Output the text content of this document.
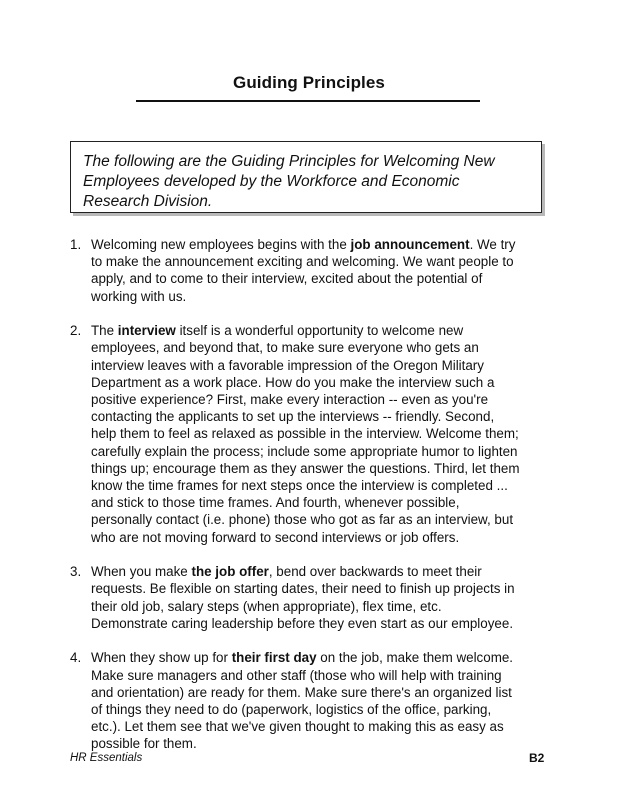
Guiding Principles
The following are the Guiding Principles for Welcoming New
Employees developed by the Workforce and Economic
Research Division.
1. Welcoming new employees begins with the job announcement. We try
to make the announcement exciting and welcoming. We want people to
apply, and to come to their interview, excited about the potential of
working with us.
2. The interview itself is a wonderful opportunity to welcome new
employees, and beyond that, to make sure everyone who gets an
interview leaves with a favorable impression of the Oregon Military
Department as a work place. How do you make the interview such a
positive experience? First, make every interaction -- even as you're
contacting the applicants to set up the interviews -- friendly. Second,
help them to feel as relaxed as possible in the interview. Welcome them;
carefully explain the process; include some appropriate humor to lighten
things up; encourage them as they answer the questions. Third, let them
know the time frames for next steps once the interview is completed ...
and stick to those time frames. And fourth, whenever possible,
personally contact (i.e. phone) those who got as far as an interview, but
who are not moving forward to second interviews or job offers.
3. When you make the job offer, bend over backwards to meet their
requests. Be flexible on starting dates, their need to finish up projects in
their old job, salary steps (when appropriate), flex time, etc.
Demonstrate caring leadership before they even start as our employee.
4. When they show up for their first day on the job, make them welcome.
Make sure managers and other staff (those who will help with training
and orientation) are ready for them. Make sure there's an organized list
of things they need to do (paperwork, logistics of the office, parking,
etc.). Let them see that we've given thought to making this as easy as
possible for them.
HR Essentials	B2
